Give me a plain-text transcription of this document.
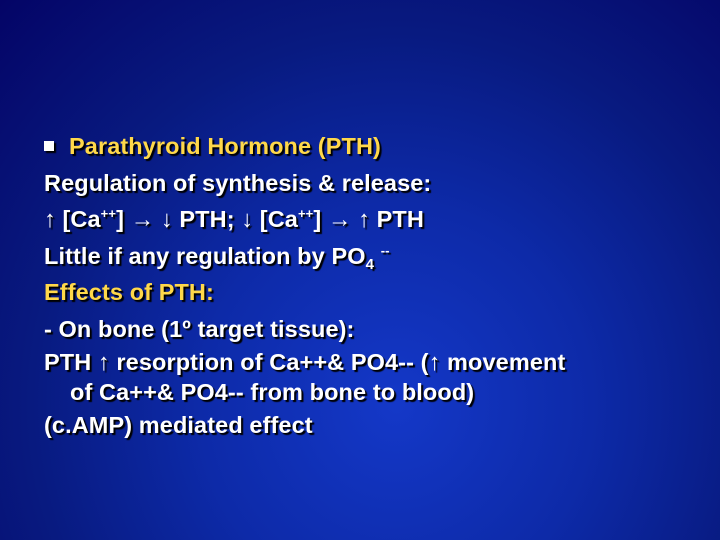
Parathyroid Hormone (PTH)
Regulation of synthesis & release:
↑ [Ca++] → ↓ PTH; ↓ [Ca++] → ↑ PTH
Little if any regulation by $PO_4$ --
Effects of PTH:
- On bone (1º target tissue):
PTH ↑ resorption of Ca++& PO4-- (↑ movement
of Ca++& PO4-- from bone to blood)
(c.AMP) mediated effect
